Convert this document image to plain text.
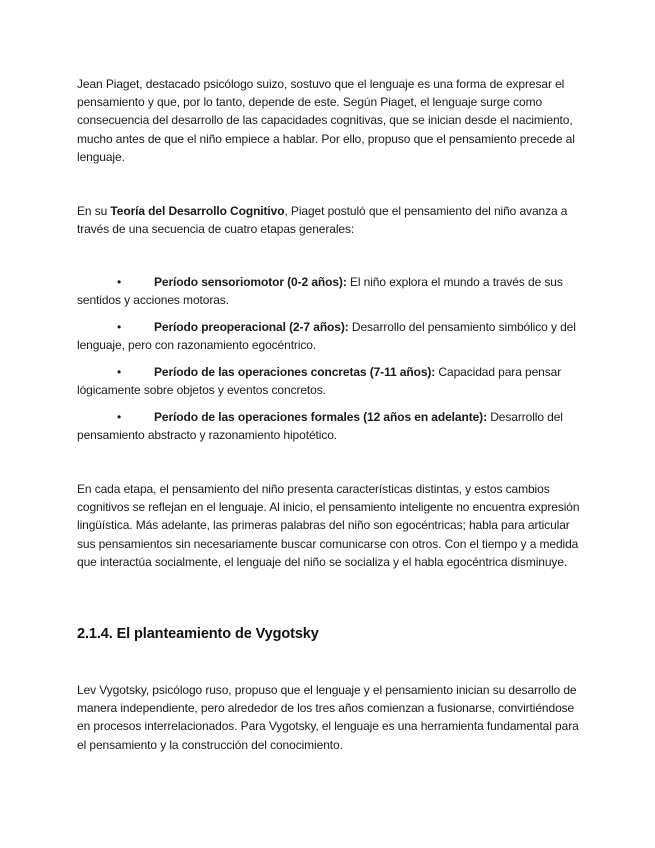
Jean Piaget, destacado psicólogo suizo, sostuvo que el lenguaje es una forma de expresar el pensamiento y que, por lo tanto, depende de este. Según Piaget, el lenguaje surge como consecuencia del desarrollo de las capacidades cognitivas, que se inician desde el nacimiento, mucho antes de que el niño empiece a hablar. Por ello, propuso que el pensamiento precede al lenguaje.

En su Teoría del Desarrollo Cognitivo, Piaget postuló que el pensamiento del niño avanza a través de una secuencia de cuatro etapas generales:

•	Período sensoriomotor (0-2 años): El niño explora el mundo a través de sus sentidos y acciones motoras.
•	Período preoperacional (2-7 años): Desarrollo del pensamiento simbólico y del lenguaje, pero con razonamiento egocéntrico.
•	Período de las operaciones concretas (7-11 años): Capacidad para pensar lógicamente sobre objetos y eventos concretos.
•	Período de las operaciones formales (12 años en adelante): Desarrollo del pensamiento abstracto y razonamiento hipotético.

En cada etapa, el pensamiento del niño presenta características distintas, y estos cambios cognitivos se reflejan en el lenguaje. Al inicio, el pensamiento inteligente no encuentra expresión lingüística. Más adelante, las primeras palabras del niño son egocéntricas; habla para articular sus pensamientos sin necesariamente buscar comunicarse con otros. Con el tiempo y a medida que interactúa socialmente, el lenguaje del niño se socializa y el habla egocéntrica disminuye.

2.1.4. El planteamiento de Vygotsky

Lev Vygotsky, psicólogo ruso, propuso que el lenguaje y el pensamiento inician su desarrollo de manera independiente, pero alrededor de los tres años comienzan a fusionarse, convirtiéndose en procesos interrelacionados. Para Vygotsky, el lenguaje es una herramienta fundamental para el pensamiento y la construcción del conocimiento.
